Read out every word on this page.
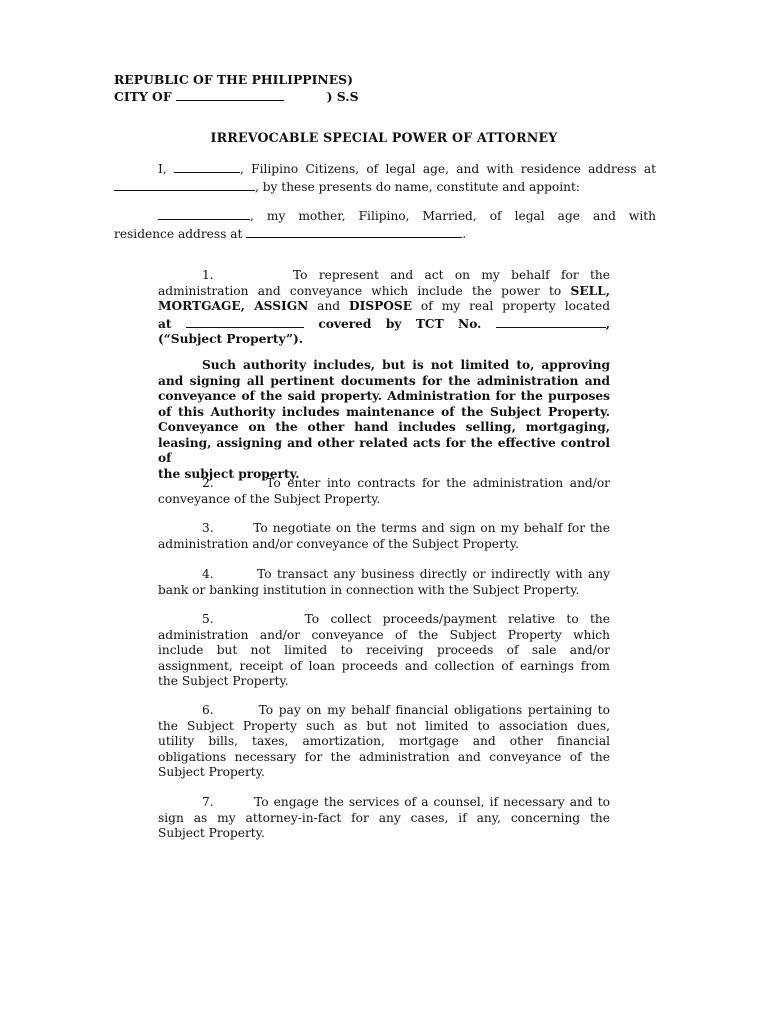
REPUBLIC OF THE PHILIPPINES)
CITY OF	) S.S
IRREVOCABLE SPECIAL POWER OF ATTORNEY
I,	, Filipino Citizens, of legal age, and with residence address at
, by these presents do name, constitute and appoint:
, my mother, Filipino, Married, of legal age and with
residence address at	.
1.       To represent and act on my behalf for the
administration and conveyance which include the power to SELL,
MORTGAGE, ASSIGN and DISPOSE of my real property located
at	covered by TCT No.	,
(“Subject Property”).
Such authority includes, but is not limited to, approving
and signing all pertinent documents for the administration and
conveyance of the said property. Administration for the purposes
of this Authority includes maintenance of the Subject Property.
Conveyance on the other hand includes selling, mortgaging,
leasing, assigning and other related acts for the effective control of
the subject property.
2.        To enter into contracts for the administration and/or
conveyance of the Subject Property.
3.        To negotiate on the terms and sign on my behalf for the
administration and/or conveyance of the Subject Property.
4.        To transact any business directly or indirectly with any
bank or banking institution in connection with the Subject Property.
5.        To collect proceeds/payment relative to the
administration and/or conveyance of the Subject Property which
include but not limited to receiving proceeds of sale and/or
assignment, receipt of loan proceeds and collection of earnings from
the Subject Property.
6.        To pay on my behalf financial obligations pertaining to
the Subject Property such as but not limited to association dues,
utility bills, taxes, amortization, mortgage and other financial
obligations necessary for the administration and conveyance of the
Subject Property.
7.        To engage the services of a counsel, if necessary and to
sign as my attorney-in-fact for any cases, if any, concerning the
Subject Property.
